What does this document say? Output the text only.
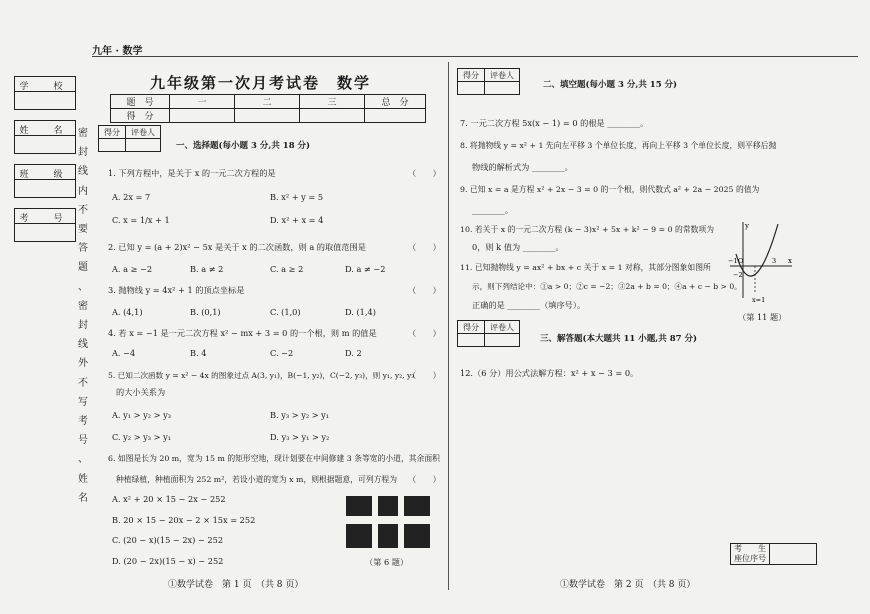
九年 · 数学
学　校
姓　名
班　级
考　号
密
封
线
内
不
要
答
题
、
密
封
线
外
不
写
考
号
、
姓
名
九年级第一次月考试卷　数学
题　号	一	二	三	总　分
得　分				
得分	评卷人

一、选择题(每小题 3 分,共 18 分)
1. 下列方程中，是关于 x 的一元二次方程的是	（　　）
A. 2x = 7	B. x² + y = 5
C. x = 1/x + 1	D. x² + x = 4
2. 已知 y = (a + 2)x² − 5x 是关于 x 的二次函数，则 a 的取值范围是	（　　）
A. a ≥ −2	B. a ≠ 2	C. a ≥ 2	D. a ≠ −2
3. 抛物线 y = 4x² + 1 的顶点坐标是	（　　）
A. (4,1)	B. (0,1)	C. (1,0)	D. (1,4)
4. 若 x = −1 是一元二次方程 x² − mx + 3 = 0 的一个根，则 m 的值是	（　　）
A. −4	B. 4	C. −2	D. 2
5. 已知二次函数 y = x² − 4x 的图象过点 A(3, y₁)，B(−1, y₂)，C(−2, y₃)，则 y₁, y₂, y₃
（　　）
的大小关系为
A. y₁ > y₂ > y₃	B. y₃ > y₂ > y₁
C. y₂ > y₃ > y₁	D. y₃ > y₁ > y₂
6. 如图是长为 20 m，宽为 15 m 的矩形空地，现计划要在中间修建 3 条等宽的小道，其余面积
种植绿植，种植面积为 252 m²，若设小道的宽为 x m，则根据题意，可列方程为 （　　）
A. x² + 20 × 15 − 2x − 252
B. 20 × 15 − 20x − 2 × 15x = 252
C. (20 − x)(15 − 2x) − 252
D. (20 − 2x)(15 − x) − 252	（第 6 题）
①数学试卷　第 1 页　（共 8 页）
得分	评卷人

二、填空题(每小题 3 分,共 15 分)
7. 一元二次方程 5x(x − 1) = 0 的根是 ________。
8. 将抛物线 y = x² + 1 先向左平移 3 个单位长度，再向上平移 3 个单位长度，则平移后抛
物线的解析式为 ________。
9. 已知 x = a 是方程 x² + 2x − 3 = 0 的一个根，则代数式 a² + 2a − 2025 的值为
________。
10. 若关于 x 的一元二次方程 (k − 3)x² + 5x + k² − 9 = 0 的常数项为
0，则 k 值为 ________。
11. 已知抛物线 y = ax² + bx + c 关于 x = 1 对称，其部分图象如图所
示，则下列结论中：①a > 0；②c = −2；③2a + b = 0；④a + c − b > 0。
正确的是 ________（填序号）。
y
x
O
−1	3
−2
x=1
（第 11 题）
得分	评卷人

三、解答题(本大题共 11 小题,共 87 分)
12.（6 分）用公式法解方程：x² + x − 3 = 0。
考　　生
座位序号

①数学试卷　第 2 页　（共 8 页）
